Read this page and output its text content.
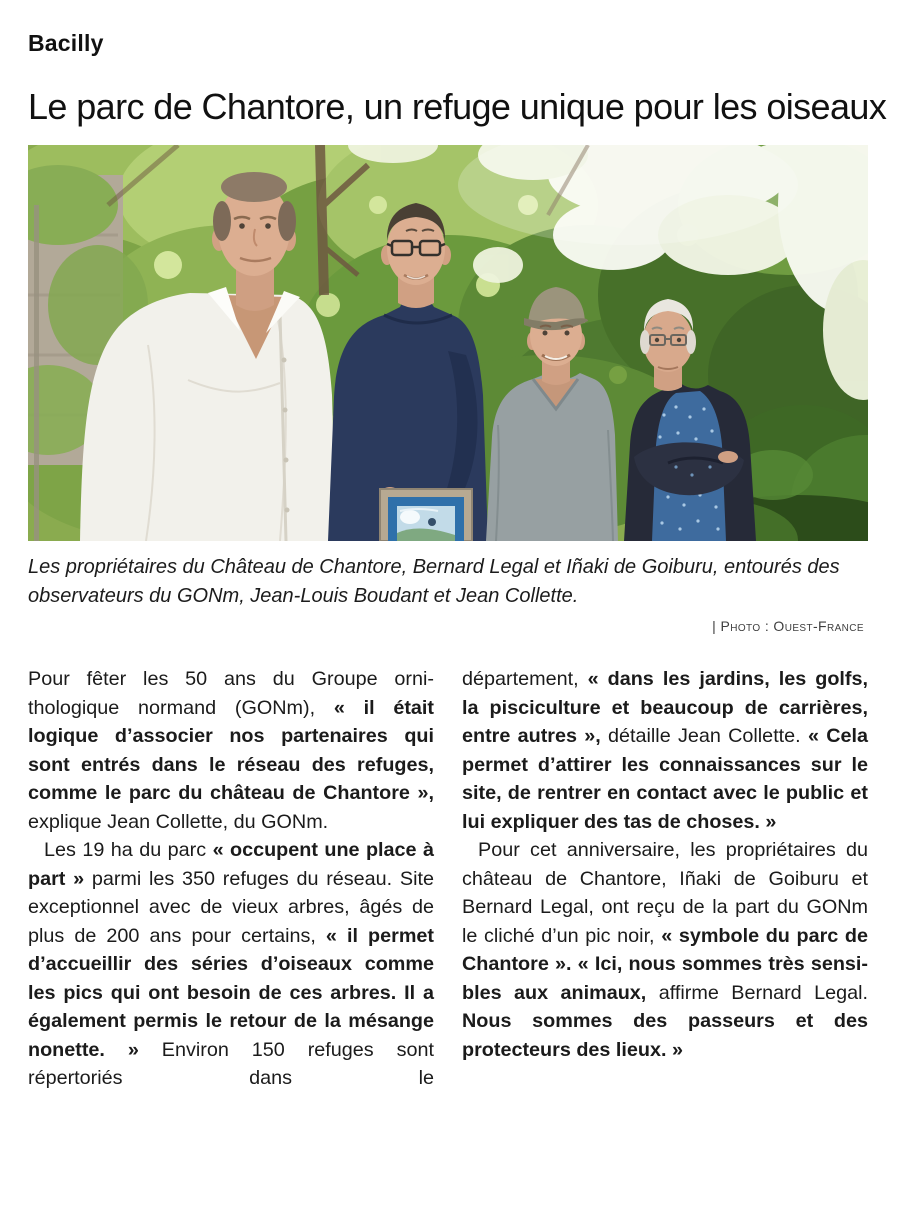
Bacilly
Le parc de Chantore, un refuge unique pour les oiseaux
Les propriétaires du Château de Chantore, Bernard Legal et Iñaki de Goiburu, entourés des observateurs du GONm, Jean-Louis Boudant et Jean Collette.
| Photo : Ouest-France

Pour fêter les 50 ans du Groupe ornithologique normand (GONm), « il était logique d’associer nos partenaires qui sont entrés dans le réseau des refuges, comme le parc du château de Chantore », explique Jean Collette, du GONm.

Les 19 ha du parc « occupent une place à part » parmi les 350 refuges du réseau. Site exceptionnel avec de vieux arbres, âgés de plus de 200 ans pour certains, « il permet d’accueillir des séries d’oiseaux comme les pics qui ont besoin de ces arbres. Il a également permis le retour de la mésange nonette. » Environ 150 refuges sont répertoriés dans le

département, « dans les jardins, les golfs, la pisciculture et beaucoup de carrières, entre autres », détaille Jean Collette. « Cela permet d’attirer les connaissances sur le site, de rentrer en contact avec le public et lui expliquer des tas de choses. »

Pour cet anniversaire, les propriétaires du château de Chantore, Iñaki de Goiburu et Bernard Legal, ont reçu de la part du GONm le cliché d’un pic noir, « symbole du parc de Chantore ». « Ici, nous sommes très sensibles aux animaux, affirme Bernard Legal. Nous sommes des passeurs et des protecteurs des lieux. »
